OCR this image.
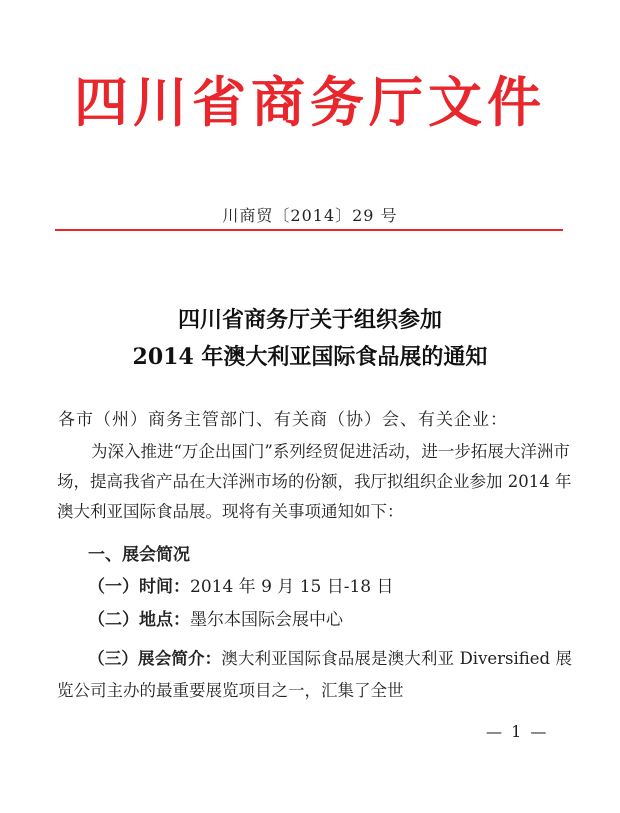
四川省商务厅文件
川商贸〔2014〕29 号
四川省商务厅关于组织参加
2014 年澳大利亚国际食品展的通知
各市（州）商务主管部门、有关商（协）会、有关企业：
为深入推进“万企出国门”系列经贸促进活动，进一步拓展大洋洲市场，提高我省产品在大洋洲市场的份额，我厅拟组织企业参加 2014 年澳大利亚国际食品展。现将有关事项通知如下：
一、展会简况
（一）时间：2014 年 9 月 15 日-18 日
（二）地点：墨尔本国际会展中心
（三）展会简介：澳大利亚国际食品展是澳大利亚 Diversified 展览公司主办的最重要展览项目之一，汇集了全世
— 1 —
